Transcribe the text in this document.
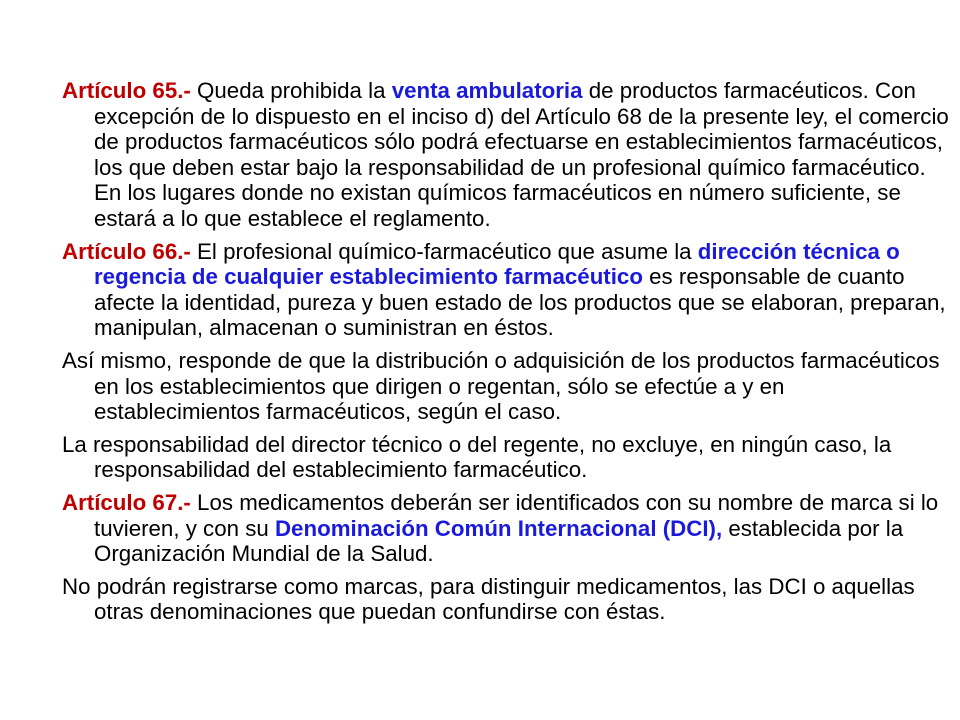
Artículo 65.- Queda prohibida la venta ambulatoria de productos farmacéuticos. Con excepción de lo dispuesto en el inciso d) del Artículo 68 de la presente ley, el comercio de productos farmacéuticos sólo podrá efectuarse en establecimientos farmacéuticos, los que deben estar bajo la responsabilidad de un profesional químico farmacéutico. En los lugares donde no existan químicos farmacéuticos en número suficiente, se estará a lo que establece el reglamento.

Artículo 66.- El profesional químico-farmacéutico que asume la dirección técnica o regencia de cualquier establecimiento farmacéutico es responsable de cuanto afecte la identidad, pureza y buen estado de los productos que se elaboran, preparan, manipulan, almacenan o suministran en éstos.

Así mismo, responde de que la distribución o adquisición de los productos farmacéuticos en los establecimientos que dirigen o regentan, sólo se efectúe a y en establecimientos farmacéuticos, según el caso.

La responsabilidad del director técnico o del regente, no excluye, en ningún caso, la responsabilidad del establecimiento farmacéutico.

Artículo 67.- Los medicamentos deberán ser identificados con su nombre de marca si lo tuvieren, y con su Denominación Común Internacional (DCI), establecida por la Organización Mundial de la Salud.

No podrán registrarse como marcas, para distinguir medicamentos, las DCI o aquellas otras denominaciones que puedan confundirse con éstas.
